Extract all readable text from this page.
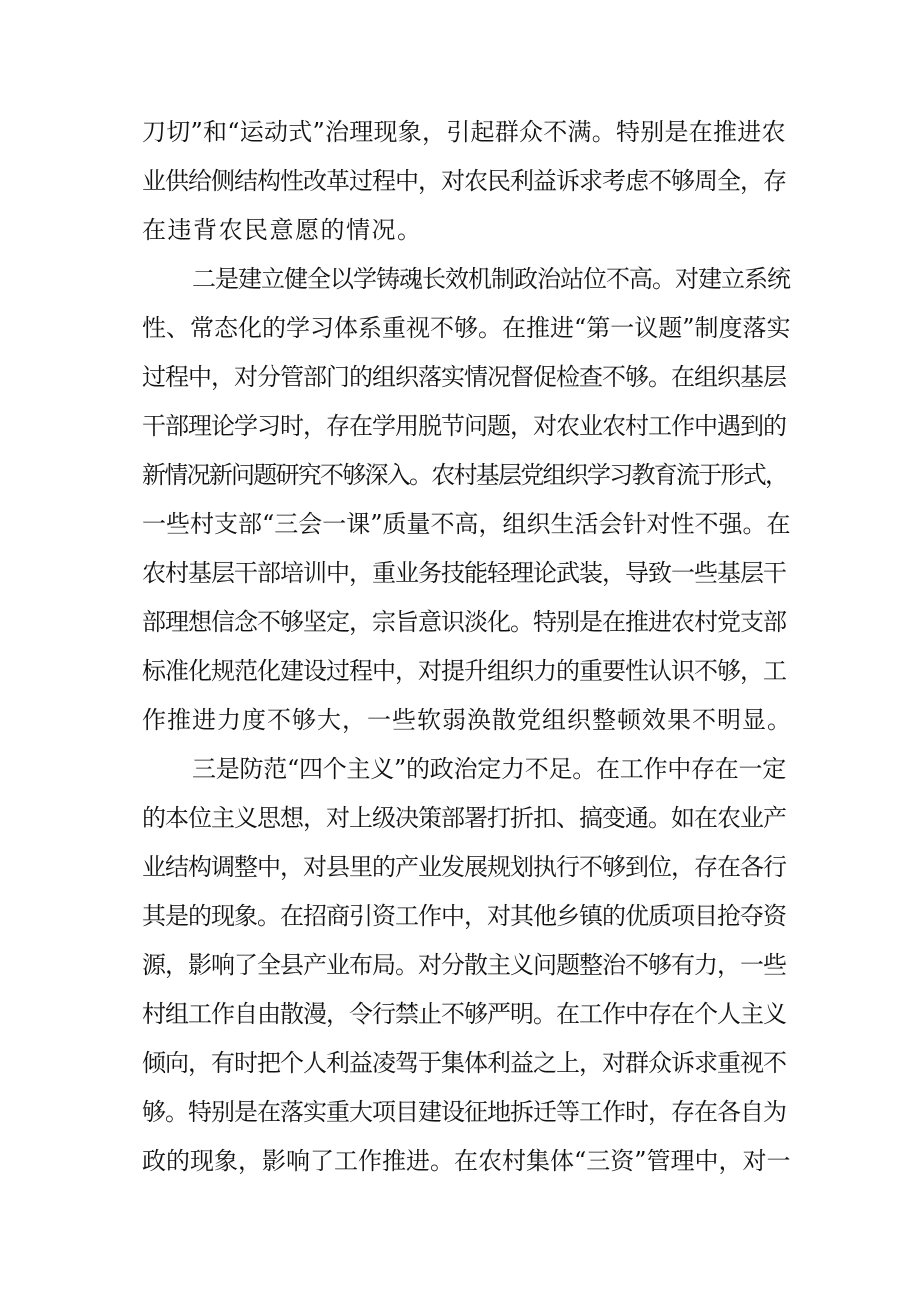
刀切”和“运动式”治理现象，引起群众不满。特别是在推进农
业供给侧结构性改革过程中，对农民利益诉求考虑不够周全，存
在违背农民意愿的情况。
二是建立健全以学铸魂长效机制政治站位不高。对建立系统
性、常态化的学习体系重视不够。在推进“第一议题”制度落实
过程中，对分管部门的组织落实情况督促检查不够。在组织基层
干部理论学习时，存在学用脱节问题，对农业农村工作中遇到的
新情况新问题研究不够深入。农村基层党组织学习教育流于形式，
一些村支部“三会一课”质量不高，组织生活会针对性不强。在
农村基层干部培训中，重业务技能轻理论武装，导致一些基层干
部理想信念不够坚定，宗旨意识淡化。特别是在推进农村党支部
标准化规范化建设过程中，对提升组织力的重要性认识不够，工
作推进力度不够大，一些软弱涣散党组织整顿效果不明显。
三是防范“四个主义”的政治定力不足。在工作中存在一定
的本位主义思想，对上级决策部署打折扣、搞变通。如在农业产
业结构调整中，对县里的产业发展规划执行不够到位，存在各行
其是的现象。在招商引资工作中，对其他乡镇的优质项目抢夺资
源，影响了全县产业布局。对分散主义问题整治不够有力，一些
村组工作自由散漫，令行禁止不够严明。在工作中存在个人主义
倾向，有时把个人利益凌驾于集体利益之上，对群众诉求重视不
够。特别是在落实重大项目建设征地拆迁等工作时，存在各自为
政的现象，影响了工作推进。在农村集体“三资”管理中，对一
